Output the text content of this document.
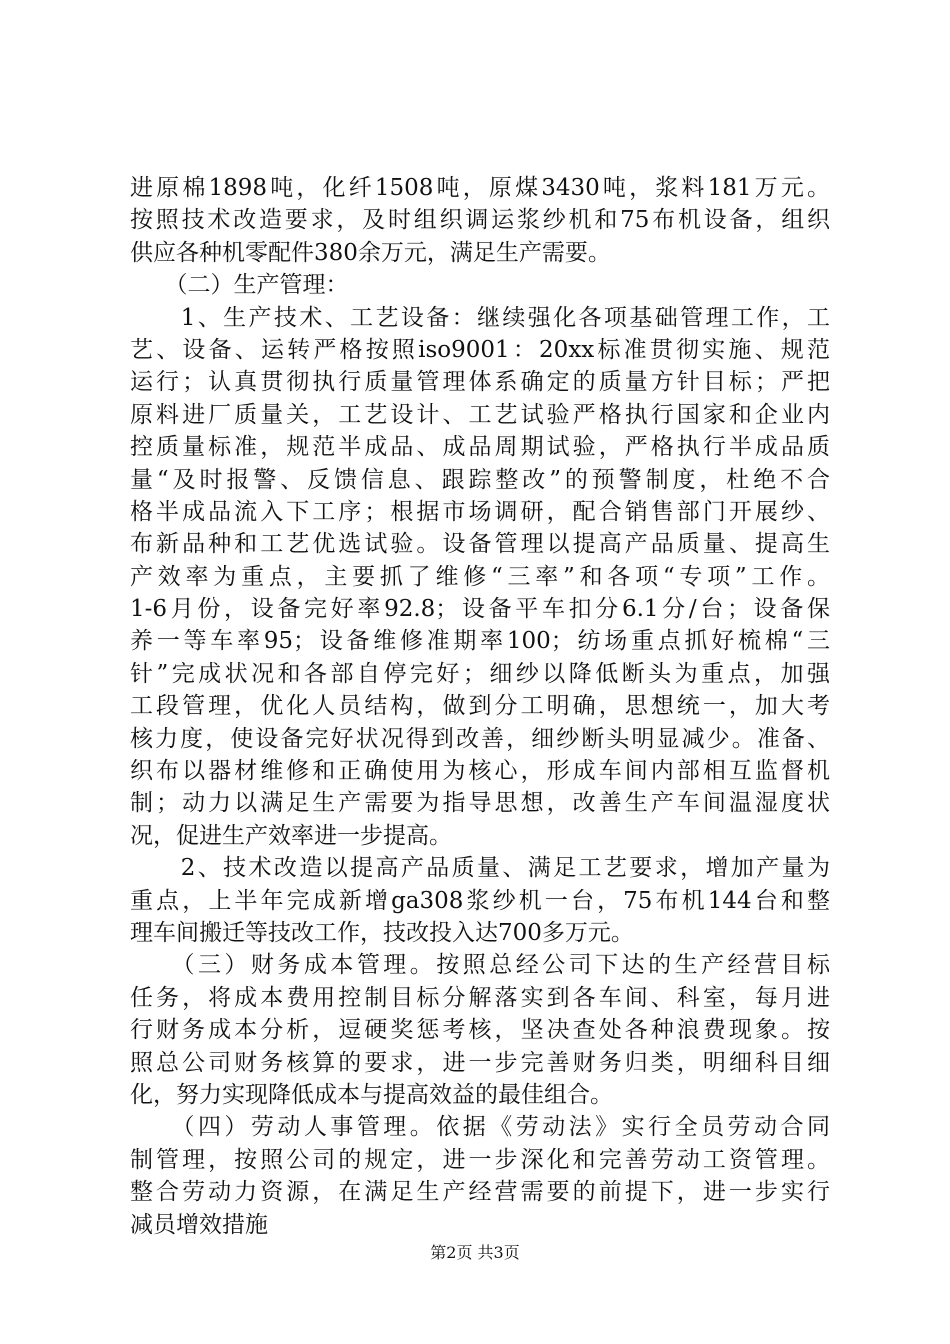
进原棉1898吨，化纤1508吨，原煤3430吨，浆料181万元。
按照技术改造要求，及时组织调运浆纱机和75布机设备，组织
供应各种机零配件380余万元，满足生产需要。
　　（二）生产管理：
　　1、生产技术、工艺设备：继续强化各项基础管理工作，工
艺、设备、运转严格按照iso9001：20xx标准贯彻实施、规范
运行；认真贯彻执行质量管理体系确定的质量方针目标；严把
原料进厂质量关，工艺设计、工艺试验严格执行国家和企业内
控质量标准，规范半成品、成品周期试验，严格执行半成品质
量“及时报警、反馈信息、跟踪整改”的预警制度，杜绝不合
格半成品流入下工序；根据市场调研，配合销售部门开展纱、
布新品种和工艺优选试验。设备管理以提高产品质量、提高生
产效率为重点，主要抓了维修“三率”和各项“专项”工作。
1-6月份，设备完好率92.8；设备平车扣分6.1分/台；设备保
养一等车率95；设备维修准期率100；纺场重点抓好梳棉“三
针”完成状况和各部自停完好；细纱以降低断头为重点，加强
工段管理，优化人员结构，做到分工明确，思想统一，加大考
核力度，使设备完好状况得到改善，细纱断头明显减少。准备、
织布以器材维修和正确使用为核心，形成车间内部相互监督机
制；动力以满足生产需要为指导思想，改善生产车间温湿度状
况，促进生产效率进一步提高。
　　2、技术改造以提高产品质量、满足工艺要求，增加产量为
重点，上半年完成新增ga308浆纱机一台，75布机144台和整
理车间搬迁等技改工作，技改投入达700多万元。
　　（三）财务成本管理。按照总经公司下达的生产经营目标
任务，将成本费用控制目标分解落实到各车间、科室，每月进
行财务成本分析，逗硬奖惩考核，坚决查处各种浪费现象。按
照总公司财务核算的要求，进一步完善财务归类，明细科目细
化，努力实现降低成本与提高效益的最佳组合。
　　（四）劳动人事管理。依据《劳动法》实行全员劳动合同
制管理，按照公司的规定，进一步深化和完善劳动工资管理。
整合劳动力资源，在满足生产经营需要的前提下，进一步实行
减员增效措施
第2页 共3页
